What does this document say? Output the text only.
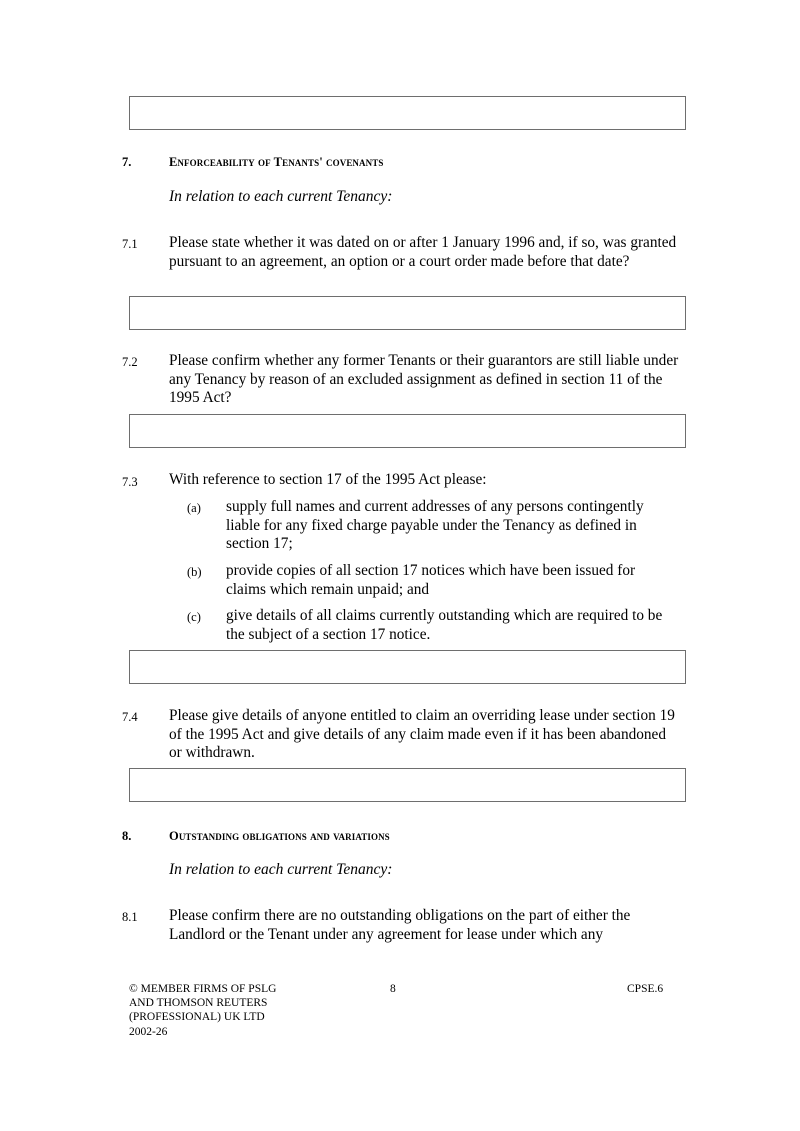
7.	Enforceability of Tenants' covenants
In relation to each current Tenancy:
7.1 Please state whether it was dated on or after 1 January 1996 and, if so, was granted pursuant to an agreement, an option or a court order made before that date?
7.2 Please confirm whether any former Tenants or their guarantors are still liable under any Tenancy by reason of an excluded assignment as defined in section 11 of the 1995 Act?
7.3 With reference to section 17 of the 1995 Act please:
(a) supply full names and current addresses of any persons contingently liable for any fixed charge payable under the Tenancy as defined in section 17;
(b) provide copies of all section 17 notices which have been issued for claims which remain unpaid; and
(c) give details of all claims currently outstanding which are required to be the subject of a section 17 notice.
7.4 Please give details of anyone entitled to claim an overriding lease under section 19 of the 1995 Act and give details of any claim made even if it has been abandoned or withdrawn.
8.	Outstanding obligations and variations
In relation to each current Tenancy:
8.1 Please confirm there are no outstanding obligations on the part of either the Landlord or the Tenant under any agreement for lease under which any
© MEMBER FIRMS OF PSLG
AND THOMSON REUTERS
(PROFESSIONAL) UK LTD
2002-26
8	CPSE.6
